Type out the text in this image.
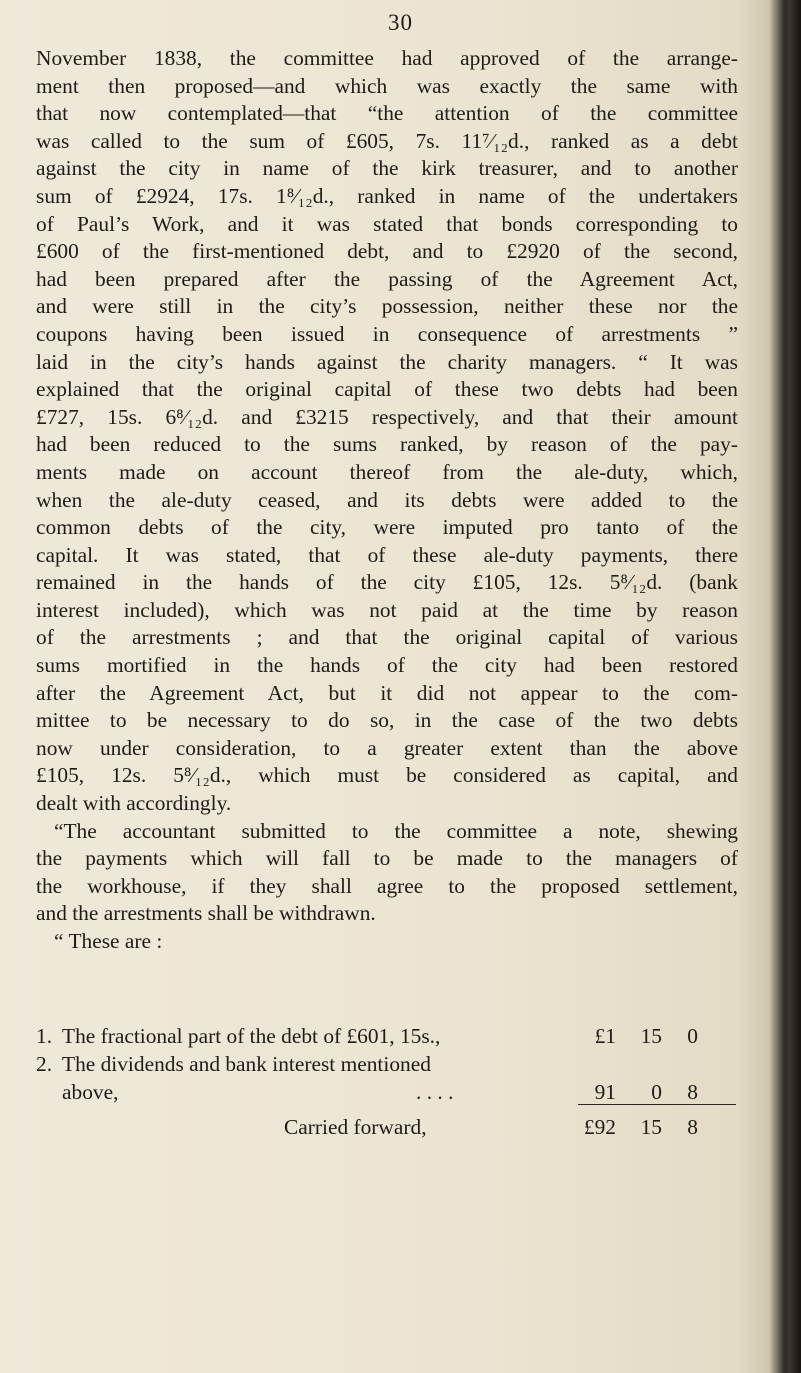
30
November 1838, the committee had approved of the arrange-
ment then proposed—and which was exactly the same with
that now contemplated—that “the attention of the committee
was called to the sum of £605, 7s. 11⁷⁄₁₂d., ranked as a debt
against the city in name of the kirk treasurer, and to another
sum of £2924, 17s. 1⁸⁄₁₂d., ranked in name of the undertakers
of Paul’s Work, and it was stated that bonds corresponding to
£600 of the first-mentioned debt, and to £2920 of the second,
had been prepared after the passing of the Agreement Act,
and were still in the city’s possession, neither these nor the
coupons having been issued in consequence of arrestments ”
laid in the city’s hands against the charity managers. “ It was
explained that the original capital of these two debts had been
£727, 15s. 6⁸⁄₁₂d. and £3215 respectively, and that their amount
had been reduced to the sums ranked, by reason of the pay-
ments made on account thereof from the ale-duty, which,
when the ale-duty ceased, and its debts were added to the
common debts of the city, were imputed pro tanto of the
capital. It was stated, that of these ale-duty payments, there
remained in the hands of the city £105, 12s. 5⁸⁄₁₂d. (bank
interest included), which was not paid at the time by reason
of the arrestments ; and that the original capital of various
sums mortified in the hands of the city had been restored
after the Agreement Act, but it did not appear to the com-
mittee to be necessary to do so, in the case of the two debts
now under consideration, to a greater extent than the above
£105, 12s. 5⁸⁄₁₂d., which must be considered as capital, and
dealt with accordingly.
“The accountant submitted to the committee a note, shewing
the payments which will fall to be made to the managers of
the workhouse, if they shall agree to the proposed settlement,
and the arrestments shall be withdrawn.
“ These are :
1. The fractional part of the debt of £601, 15s.,	£1	15	0
2. The dividends and bank interest mentioned
above,	. . . .	91	0	8
Carried forward,	£92	15	8
